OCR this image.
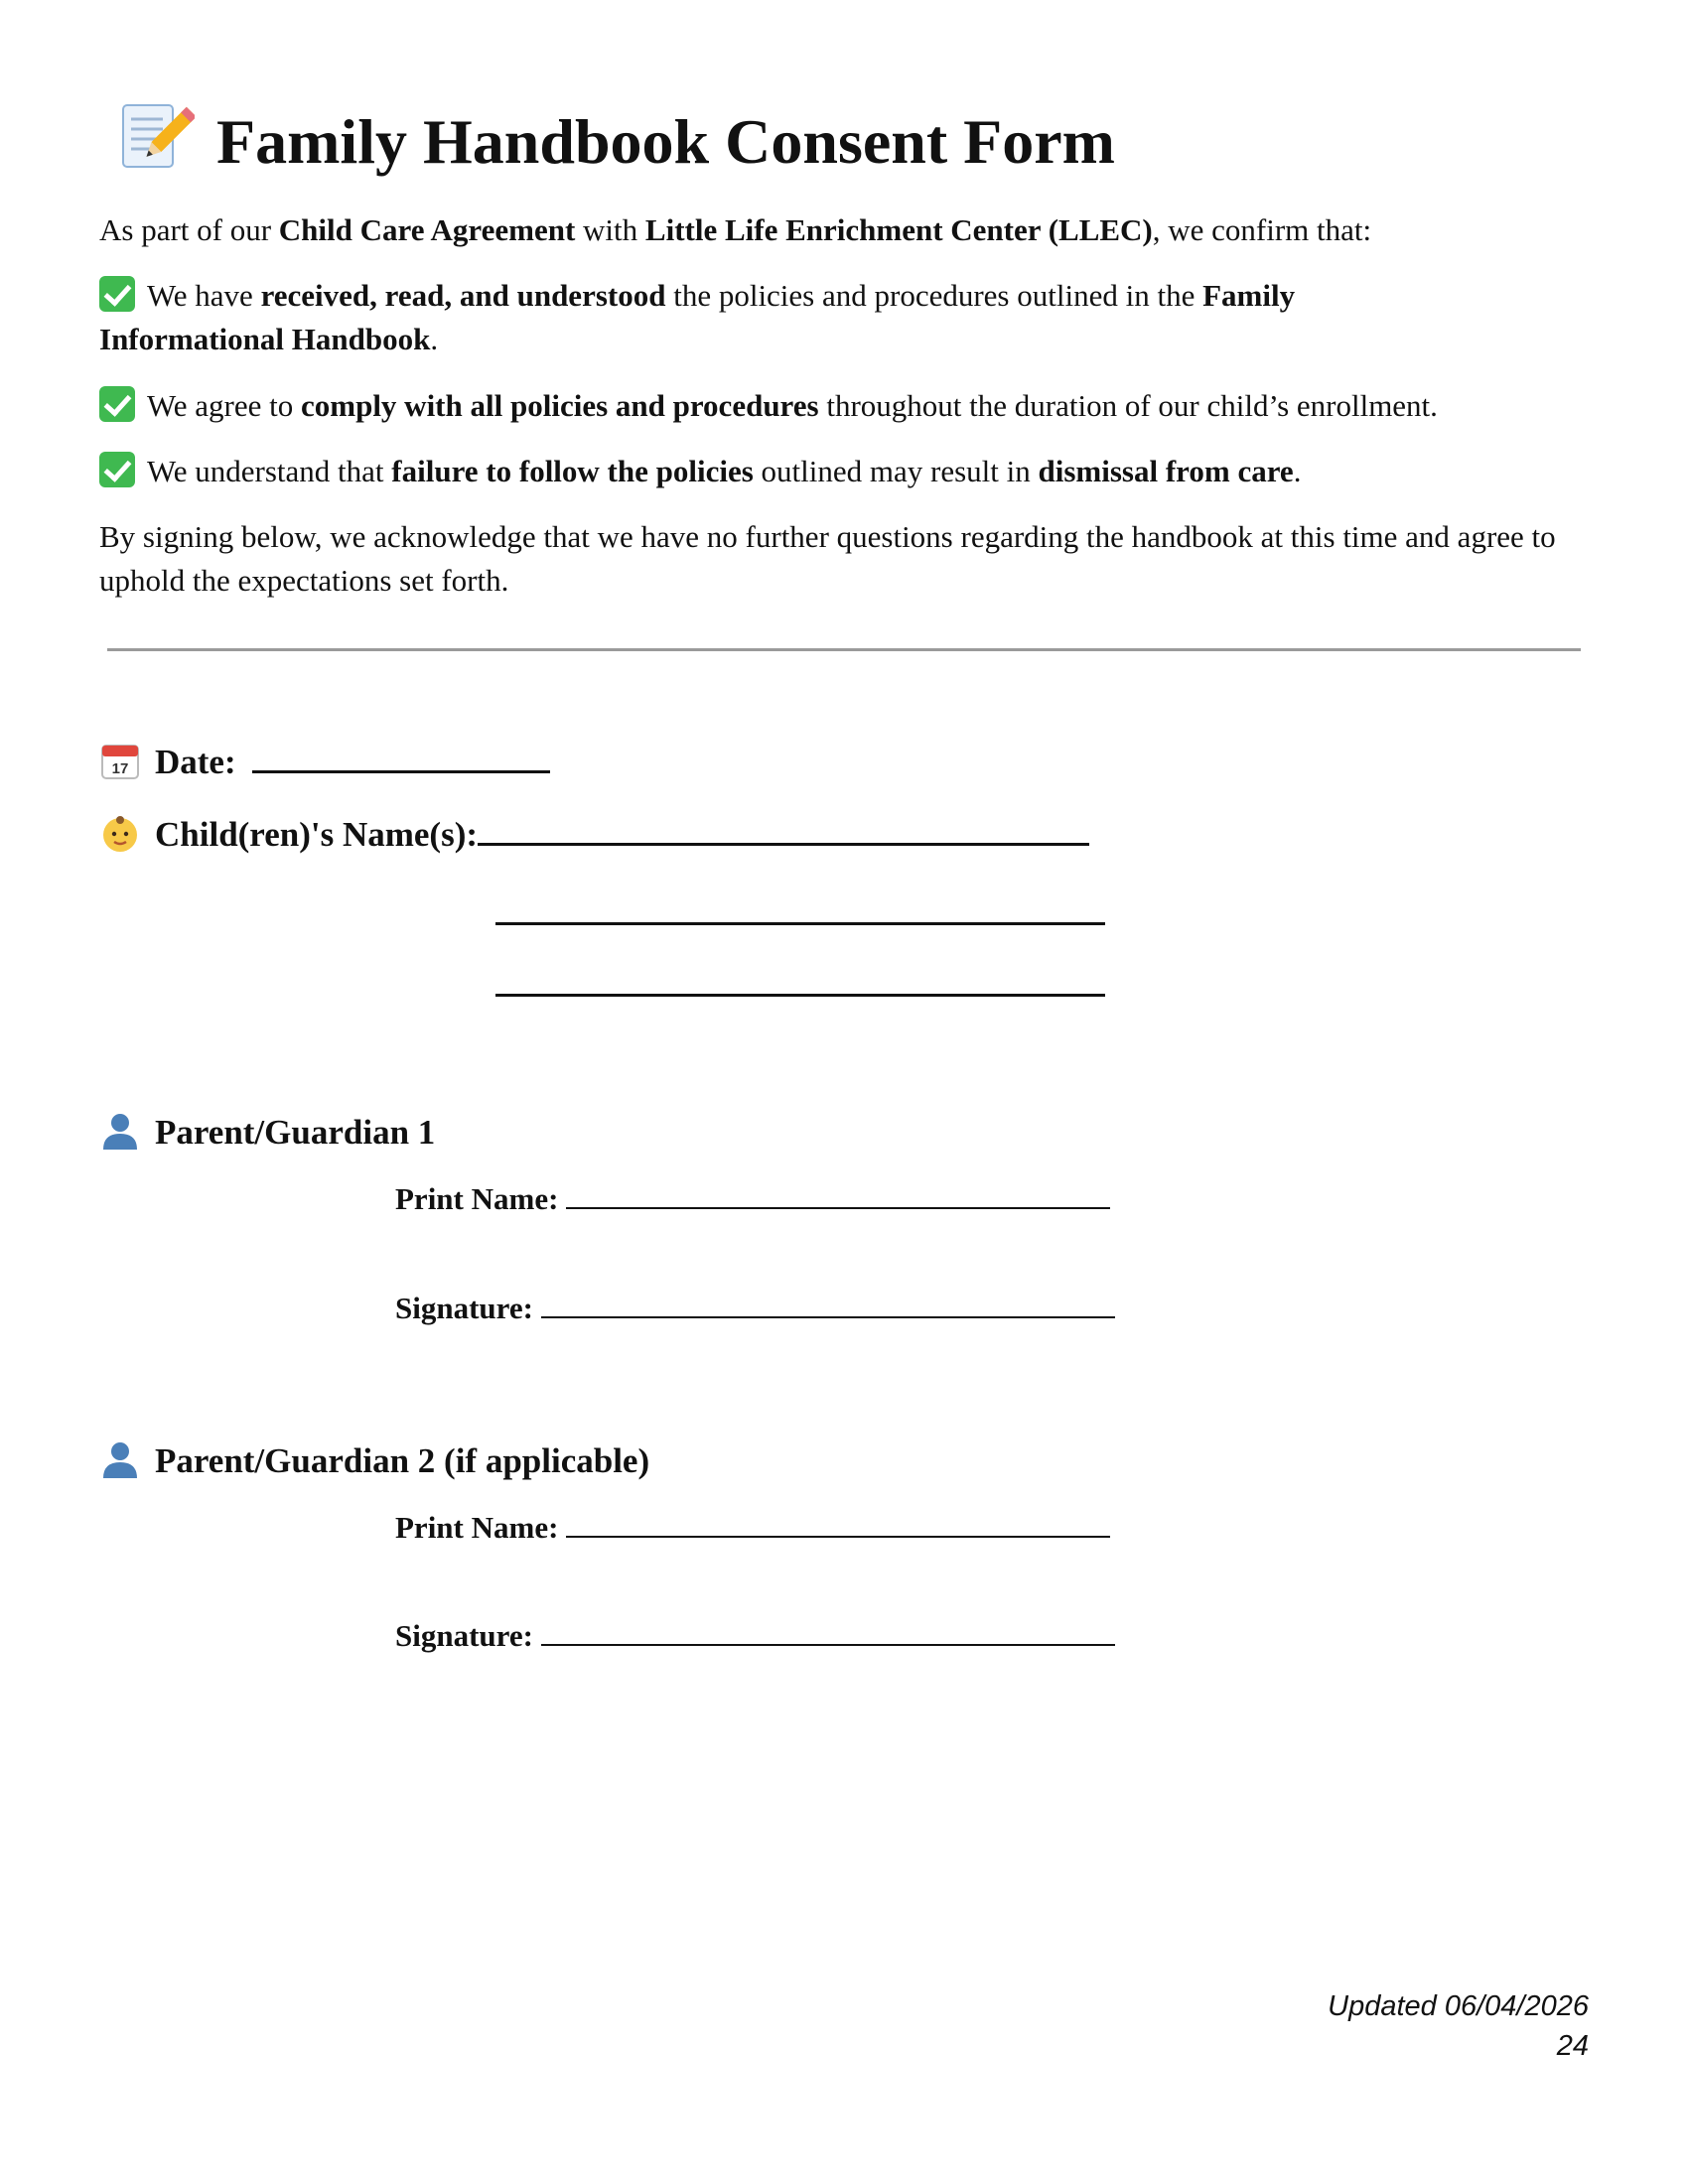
Family Handbook Consent Form
As part of our Child Care Agreement with Little Life Enrichment Center (LLEC), we confirm that:
We have received, read, and understood the policies and procedures outlined in the Family Informational Handbook.
We agree to comply with all policies and procedures throughout the duration of our child’s enrollment.
We understand that failure to follow the policies outlined may result in dismissal from care.
By signing below, we acknowledge that we have no further questions regarding the handbook at this time and agree to uphold the expectations set forth.
17 Date:
Child(ren)'s Name(s):
Parent/Guardian 1
Print Name:
Signature:
Parent/Guardian 2 (if applicable)
Print Name:
Signature:
Updated 06/04/2026
24
